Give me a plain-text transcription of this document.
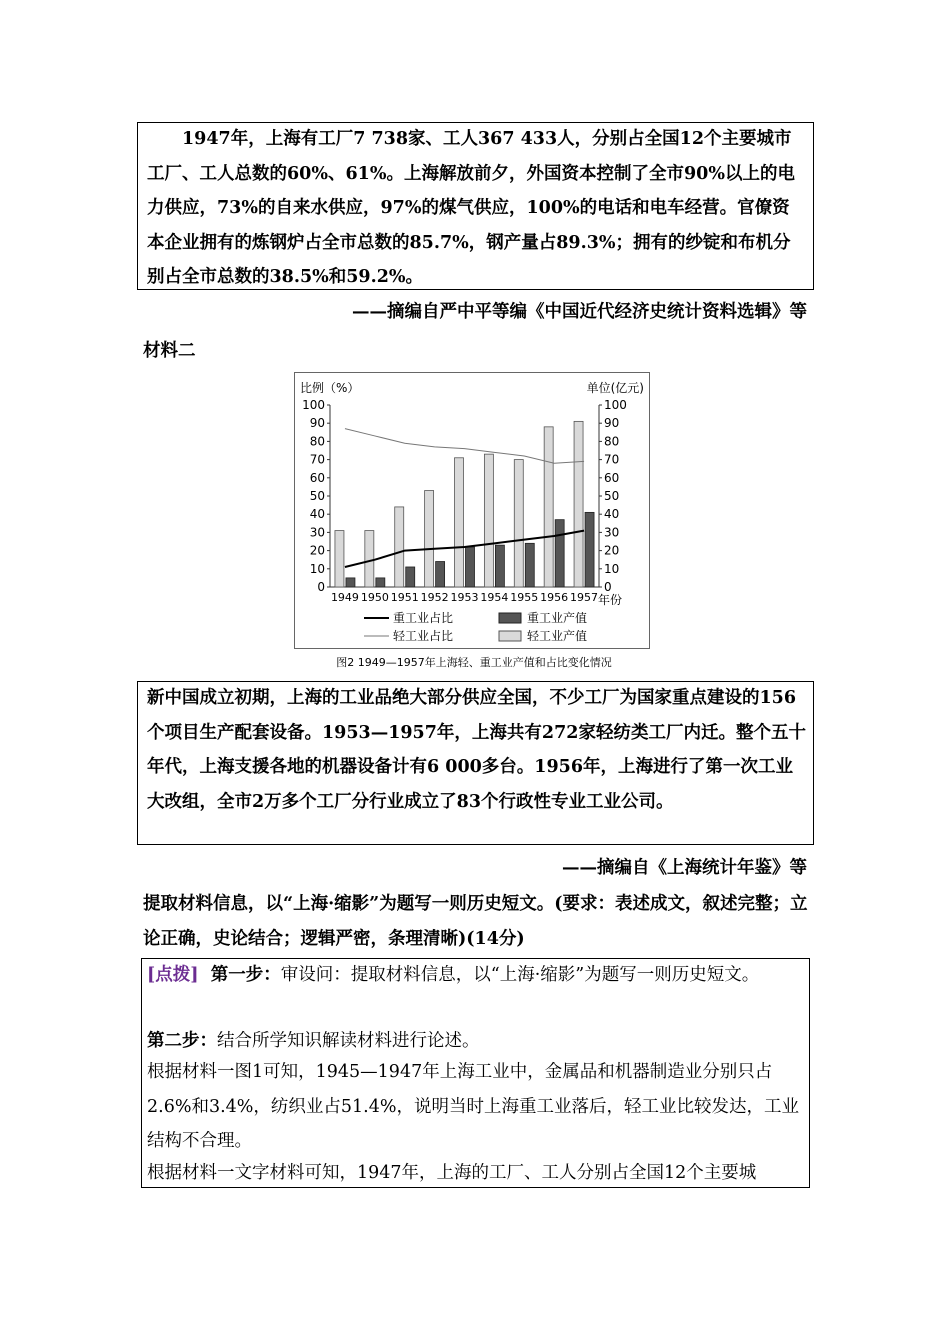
1947年，上海有工厂7 738家、工人367 433人，分别占全国12个主要城市工厂、工人总数的60%、61%。上海解放前夕，外国资本控制了全市90%以上的电力供应，73%的自来水供应，97%的煤气供应，100%的电话和电车经营。官僚资本企业拥有的炼钢炉占全市总数的85.7%，钢产量占89.3%；拥有的纱锭和布机分别占全市总数的38.5%和59.2%。

——摘编自严中平等编《中国近代经济史统计资料选辑》等

材料二

比例（%）	单位(亿元)
年份
0	0
10	10
20	20
30	30
40	40
50	50
60	60
70	70
80	80
90	90
100	100
1949 1950 1951 1952 1953 1954 1955 1956 1957
重工业占比	重工业产值
轻工业占比	轻工业产值
图2 1949—1957年上海轻、重工业产值和占比变化情况

新中国成立初期，上海的工业品绝大部分供应全国，不少工厂为国家重点建设的156个项目生产配套设备。1953—1957年，上海共有272家轻纺类工厂内迁。整个五十年代，上海支援各地的机器设备计有6 000多台。1956年，上海进行了第一次工业大改组，全市2万多个工厂分行业成立了83个行政性专业工业公司。

——摘编自《上海统计年鉴》等

提取材料信息，以“上海·缩影”为题写一则历史短文。(要求：表述成文，叙述完整；立论正确，史论结合；逻辑严密，条理清晰)(14分)

[点拨] 第一步：审设问：提取材料信息，以“上海·缩影”为题写一则历史短文。

第二步：结合所学知识解读材料进行论述。

根据材料一图1可知，1945—1947年上海工业中，金属品和机器制造业分别只占2.6%和3.4%，纺织业占51.4%，说明当时上海重工业落后，轻工业比较发达，工业结构不合理。

根据材料一文字材料可知，1947年，上海的工厂、工人分别占全国12个主要城
